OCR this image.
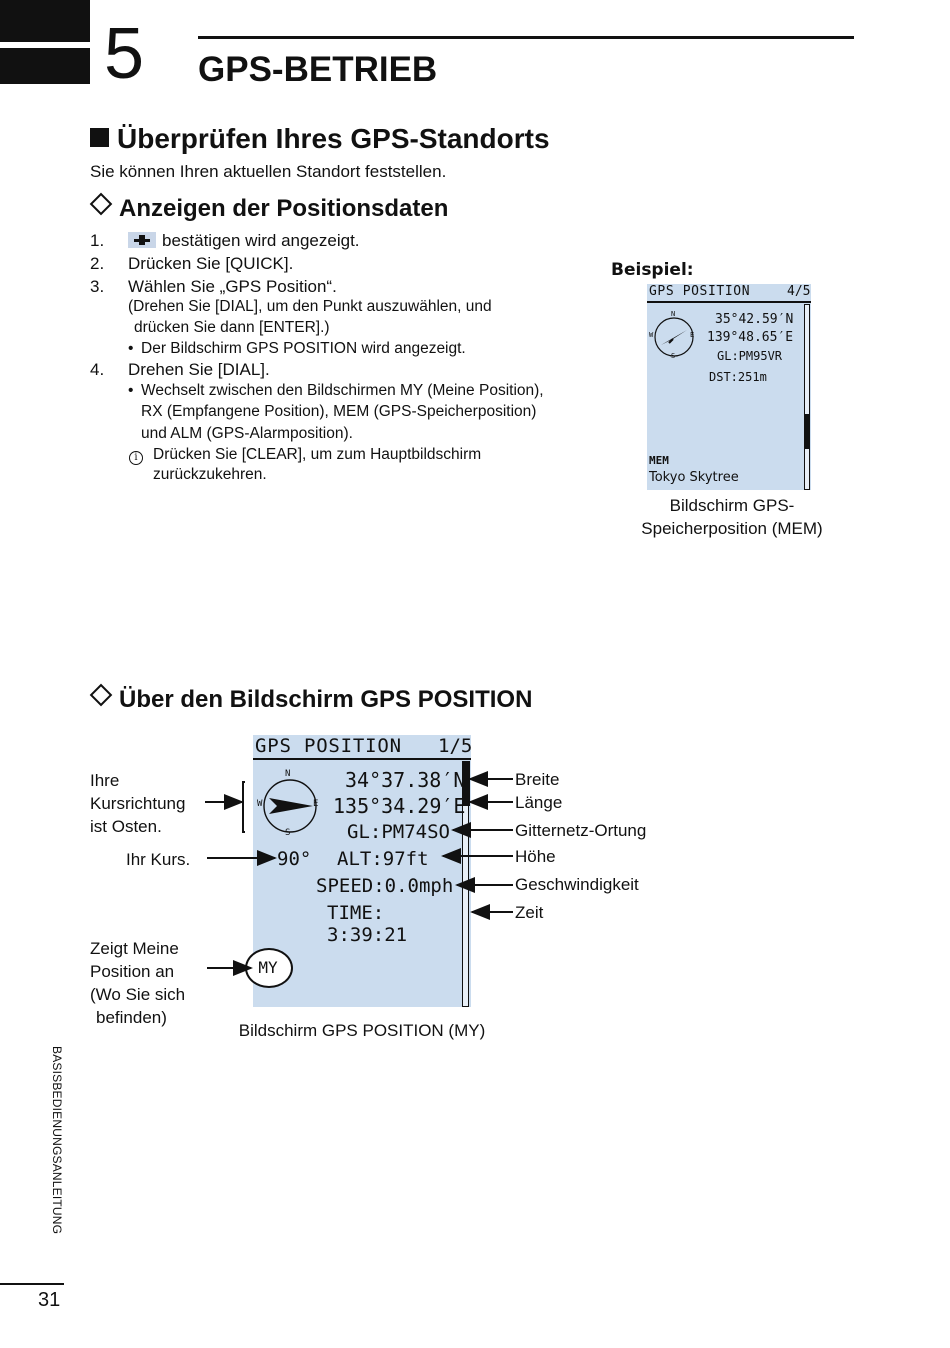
5 GPS-BETRIEB
Überprüfen Ihres GPS-Standorts
Sie können Ihren aktuellen Standort feststellen.
Anzeigen der Positionsdaten
1.	bestätigen wird angezeigt.
2. Drücken Sie [QUICK].
3. Wählen Sie „GPS Position“.
(Drehen Sie [DIAL], um den Punkt auszuwählen, und
drücken Sie dann [ENTER].)
• Der Bildschirm GPS POSITION wird angezeigt.
4. Drehen Sie [DIAL].
• Wechselt zwischen den Bildschirmen MY (Meine Position),
RX (Empfangene Position), MEM (GPS-Speicherposition)
und ALM (GPS-Alarmposition).
i Drücken Sie [CLEAR], um zum Hauptbildschirm
zurückzukehren.
Beispiel:
GPS POSITION	4/5
N
E
S
W
35°42.59′N
139°48.65′E
GL:PM95VR
DST:251m
MEM
Tokyo Skytree
Bildschirm GPS-
Speicherposition (MEM)
Über den Bildschirm GPS POSITION
GPS POSITION 1/5
N
E
S
W
34°37.38′N
135°34.29′E
GL:PM74SO
90° ALT:97ft
SPEED:0.0mph
TIME: 3:39:21
MY
Ihre
Kursrichtung
ist Osten.
Ihr Kurs.
Zeigt Meine
Position an
(Wo Sie sich
befinden)
Breite
Länge
Gitternetz-Ortung
Höhe
Geschwindigkeit
Zeit
Bildschirm GPS POSITION (MY)
BASISBEDIENUNGSANLEITUNG
31
